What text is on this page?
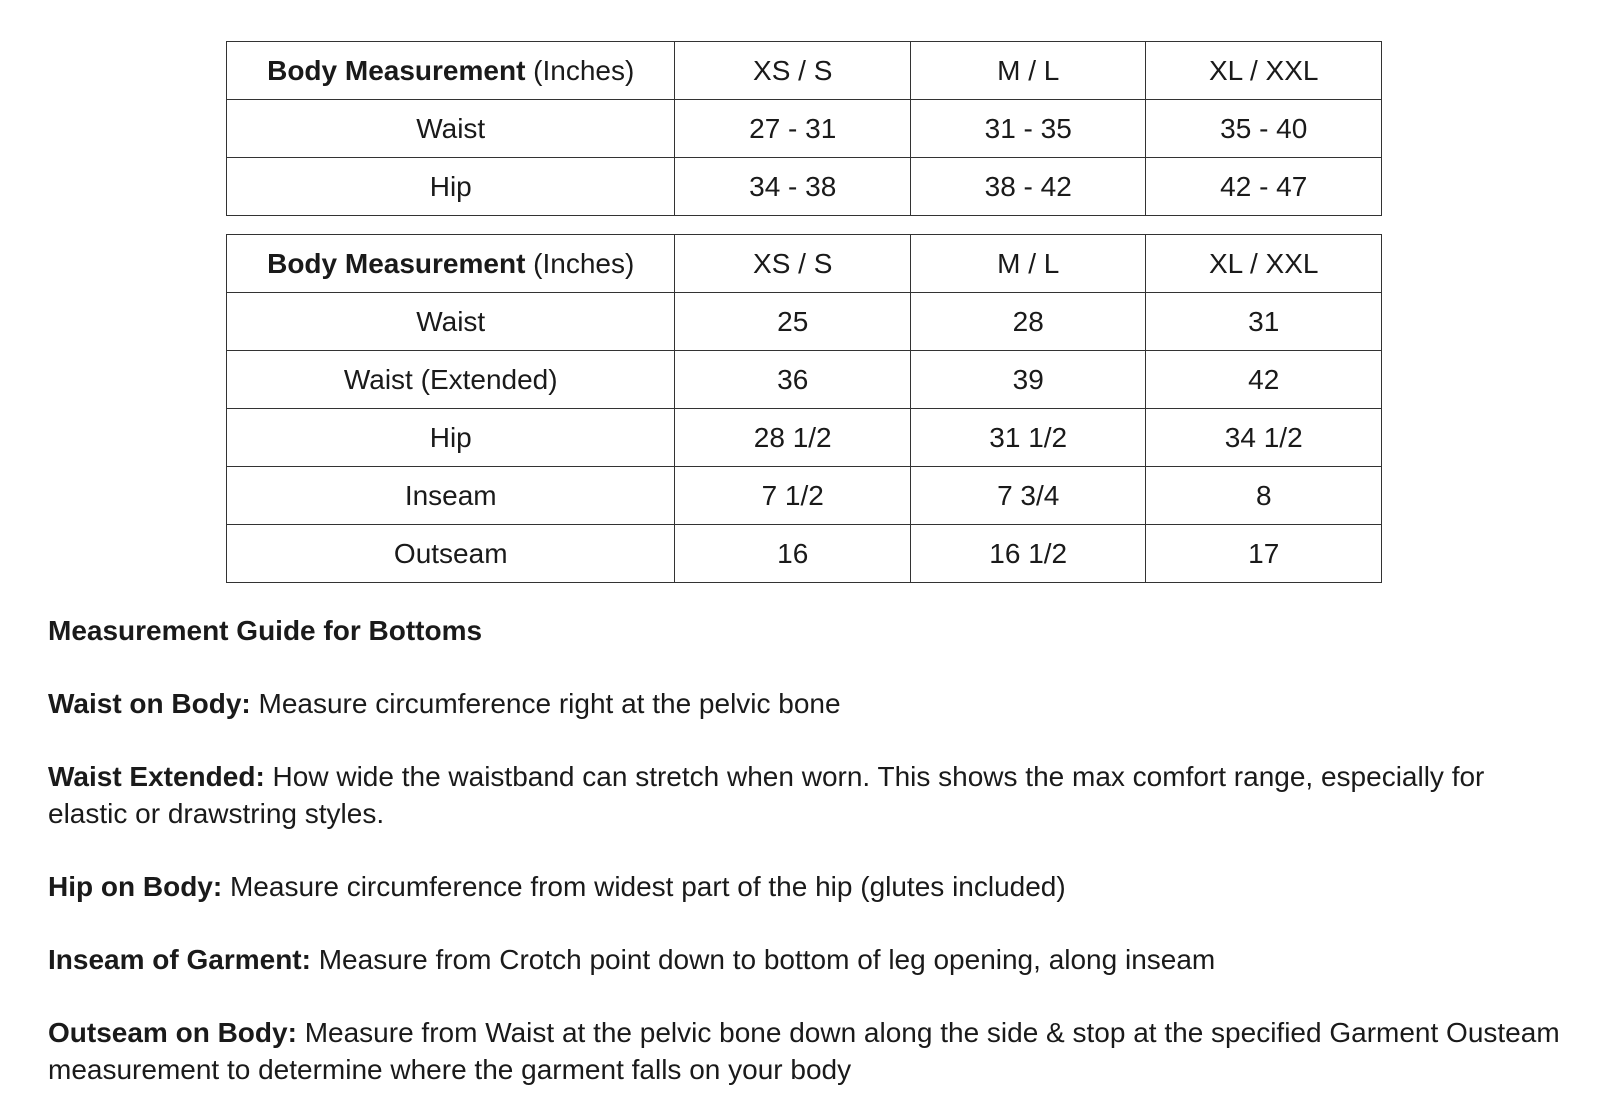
Body Measurement (Inches)	XS / S	M / L	XL / XXL
Waist	27 - 31	31 - 35	35 - 40
Hip	34 - 38	38 - 42	42 - 47
Body Measurement (Inches)	XS / S	M / L	XL / XXL
Waist	25	28	31
Waist (Extended)	36	39	42
Hip	28 1/2	31 1/2	34 1/2
Inseam	7 1/2	7 3/4	8
Outseam	16	16 1/2	17
Measurement Guide for Bottoms
Waist on Body: Measure circumference right at the pelvic bone
Waist Extended: How wide the waistband can stretch when worn. This shows the max comfort range, especially for elastic or drawstring styles.
Hip on Body: Measure circumference from widest part of the hip (glutes included)
Inseam of Garment: Measure from Crotch point down to bottom of leg opening, along inseam
Outseam on Body: Measure from Waist at the pelvic bone down along the side & stop at the specified Garment Ousteam measurement to determine where the garment falls on your body
